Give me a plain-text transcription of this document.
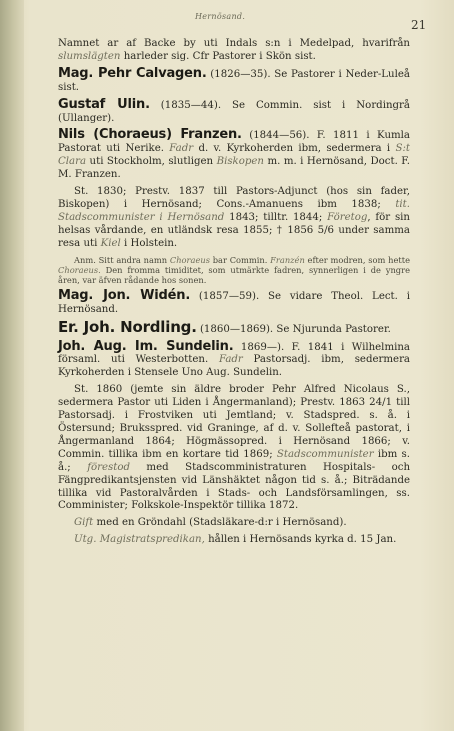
Hernösand.
21
Namnet ar af Backe by uti Indals s:n i Medelpad, hvarifrån slumslägten harleder sig. Cfr Pastorer i Skön sist.
Mag. Pehr Calvagen. (1826—35). Se Pastorer i Neder-Luleå sist.
Gustaf Ulin. (1835—44). Se Commin. sist i Nordingrå (Ullanger).
Nils (Choraeus) Franzen. (1844—56). F. 1811 i Kumla Pastorat uti Nerike. Fadr d. v. Kyrkoherden ibm, sedermera i S:t Clara uti Stockholm, slutligen Biskopen m. m. i Hernösand, Doct. F. M. Franzen.
St. 1830; Prestv. 1837 till Pastors-Adjunct (hos sin fader, Biskopen) i Hernösand; Cons.-Amanuens ibm 1838; tit. Stadscommunister i Hernösand 1843; tilltr. 1844; Företog, för sin helsas vårdande, en utländsk resa 1855; † 1856 5/6 under samma resa uti Kiel i Holstein.
Anm. Sitt andra namn Choraeus bar Commin. Franzén efter modren, som hette Choraeus. Den fromma timiditet, som utmärkte fadren, synnerligen i de yngre åren, var äfven rådande hos sonen.
Mag. Jon. Widén. (1857—59). Se vidare Theol. Lect. i Hernösand.
Er. Joh. Nordling. (1860—1869). Se Njurunda Pastorer.
Joh. Aug. Im. Sundelin. 1869—). F. 1841 i Wilhelmina församl. uti Westerbotten. Fadr Pastorsadj. ibm, sedermera Kyrkoherden i Stensele Uno Aug. Sundelin.
St. 1860 (jemte sin äldre broder Pehr Alfred Nicolaus S., sedermera Pastor uti Liden i Ångermanland); Prestv. 1863 24/1 till Pastorsadj. i Frostviken uti Jemtland; v. Stadspred. s. å. i Östersund; Bruksspred. vid Graninge, af d. v. Sollefteå pastorat, i Ångermanland 1864; Högmässopred. i Hernösand 1866; v. Commin. tillika ibm en kortare tid 1869; Stadscommunister ibm s. å.; förestod med Stadscomministraturen Hospitals- och Fängpredikantsjensten vid Länshäktet någon tid s. å.; Biträdande tillika vid Pastoralvården i Stads- och Landsförsamlingen, ss. Comminister; Folkskole-Inspektör tillika 1872.
Gift med en Gröndahl (Stadsläkare-d:r i Hernösand).
Utg. Magistratspredikan, hållen i Hernösands kyrka d. 15 Jan.
